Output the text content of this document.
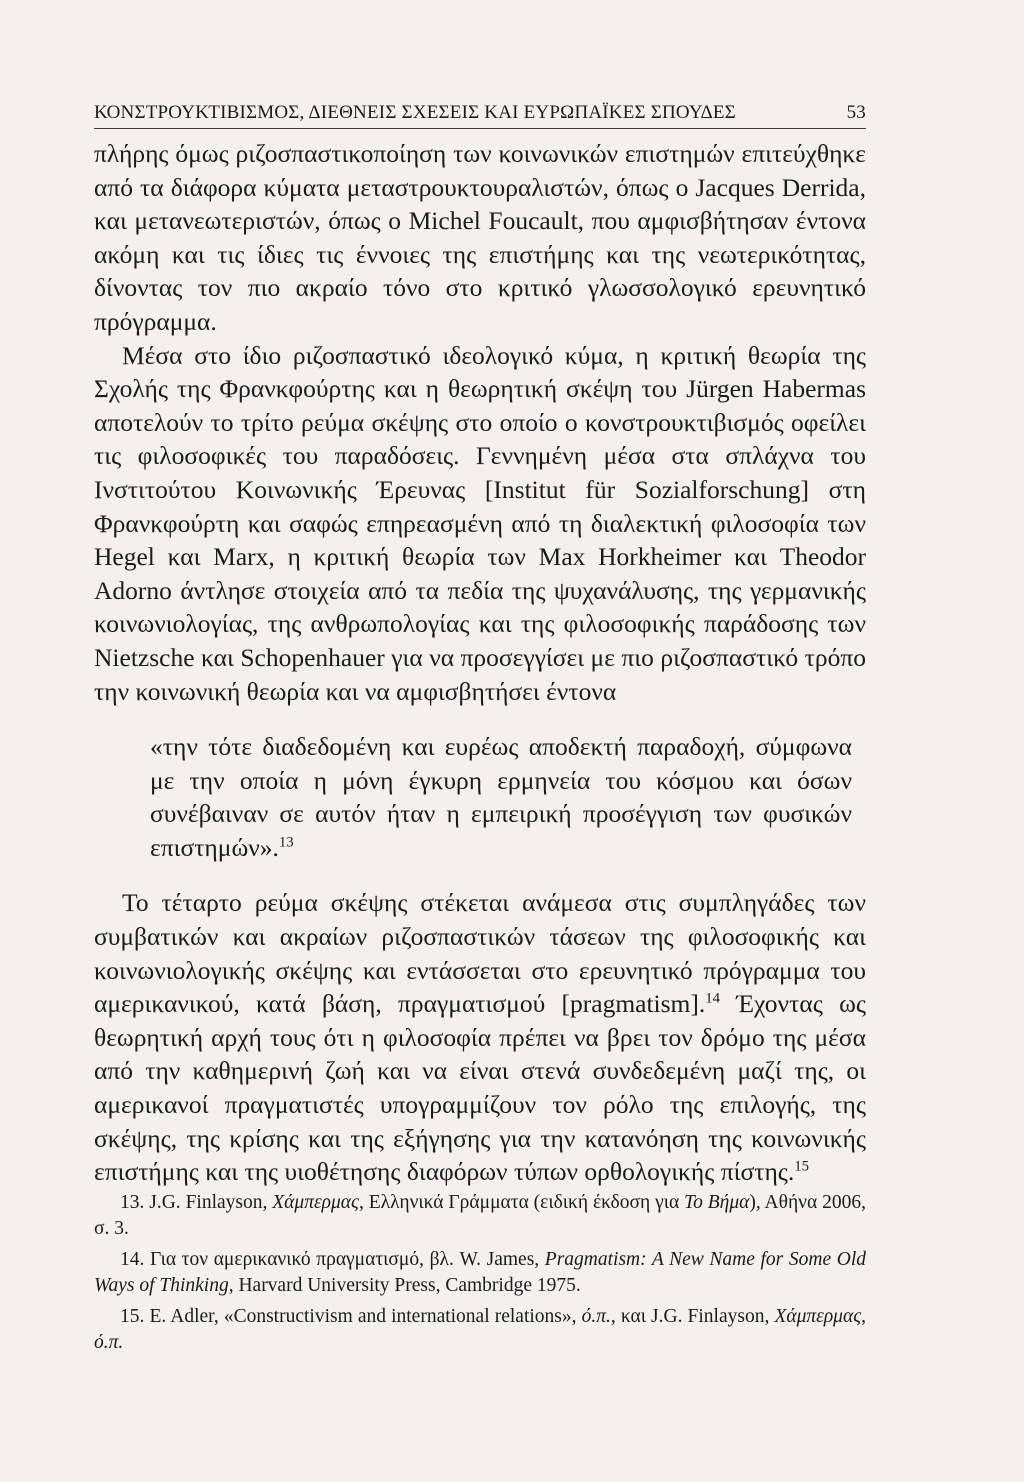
ΚΟΝΣΤΡΟΥΚΤΙΒΙΣΜΟΣ, ΔΙΕΘΝΕΙΣ ΣΧΕΣΕΙΣ ΚΑΙ ΕΥΡΩΠΑΪΚΕΣ ΣΠΟΥΔΕΣ	53

πλήρης όμως ριζοσπαστικοποίηση των κοινωνικών επιστημών επιτεύχθηκε από τα διάφορα κύματα μεταστρουκτουραλιστών, όπως ο Jacques Derrida, και μετανεωτεριστών, όπως ο Michel Foucault, που αμφισβήτησαν έντονα ακόμη και τις ίδιες τις έννοιες της επιστήμης και της νεωτερικότητας, δίνοντας τον πιο ακραίο τόνο στο κριτικό γλωσσολογικό ερευνητικό πρόγραμμα.

Μέσα στο ίδιο ριζοσπαστικό ιδεολογικό κύμα, η κριτική θεωρία της Σχολής της Φρανκφούρτης και η θεωρητική σκέψη του Jürgen Habermas αποτελούν το τρίτο ρεύμα σκέψης στο οποίο ο κονστρουκτιβισμός οφείλει τις φιλοσοφικές του παραδόσεις. Γεννημένη μέσα στα σπλάχνα του Ινστιτούτου Κοινωνικής Έρευνας [Institut für Sozialforschung] στη Φρανκφούρτη και σαφώς επηρεασμένη από τη διαλεκτική φιλοσοφία των Hegel και Marx, η κριτική θεωρία των Max Horkheimer και Theodor Adorno άντλησε στοιχεία από τα πεδία της ψυχανάλυσης, της γερμανικής κοινωνιολογίας, της ανθρωπολογίας και της φιλοσοφικής παράδοσης των Nietzsche και Schopenhauer για να προσεγγίσει με πιο ριζοσπαστικό τρόπο την κοινωνική θεωρία και να αμφισβητήσει έντονα

«την τότε διαδεδομένη και ευρέως αποδεκτή παραδοχή, σύμφωνα με την οποία η μόνη έγκυρη ερμηνεία του κόσμου και όσων συνέβαιναν σε αυτόν ήταν η εμπειρική προσέγγιση των φυσικών επιστημών».$^{13}$

Το τέταρτο ρεύμα σκέψης στέκεται ανάμεσα στις συμπληγάδες των συμβατικών και ακραίων ριζοσπαστικών τάσεων της φιλοσοφικής και κοινωνιολογικής σκέψης και εντάσσεται στο ερευνητικό πρόγραμμα του αμερικανικού, κατά βάση, πραγματισμού [pragmatism].$^{14}$ Έχοντας ως θεωρητική αρχή τους ότι η φιλοσοφία πρέπει να βρει τον δρόμο της μέσα από την καθημερινή ζωή και να είναι στενά συνδεδεμένη μαζί της, οι αμερικανοί πραγματιστές υπογραμμίζουν τον ρόλο της επιλογής, της σκέψης, της κρίσης και της εξήγησης για την κατανόηση της κοινωνικής επιστήμης και της υιοθέτησης διαφόρων τύπων ορθολογικής πίστης.$^{15}$

13. J.G. Finlayson, Χάμπερμας, Ελληνικά Γράμματα (ειδική έκδοση για Το Βήμα), Αθήνα 2006, σ. 3.

14. Για τον αμερικανικό πραγματισμό, βλ. W. James, Pragmatism: A New Name for Some Old Ways of Thinking, Harvard University Press, Cambridge 1975.

15. E. Adler, «Constructivism and international relations», ό.π., και J.G. Finlayson, Χάμπερμας, ό.π.
